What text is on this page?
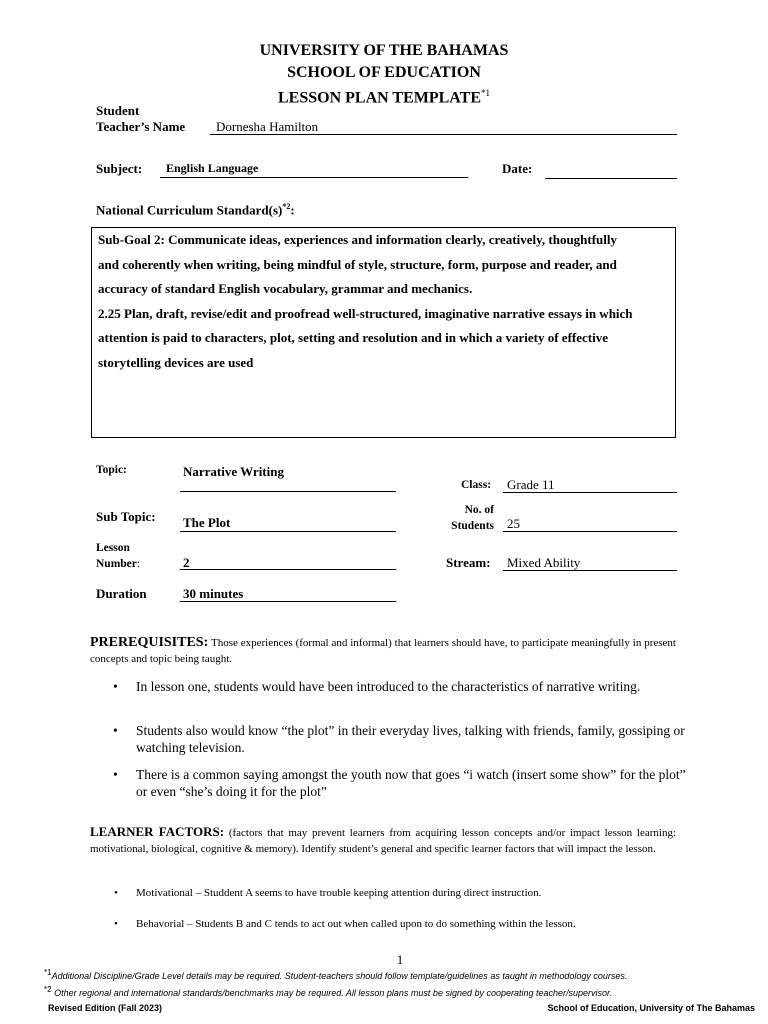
UNIVERSITY OF THE BAHAMAS
SCHOOL OF EDUCATION
LESSON PLAN TEMPLATE$^{*1}$
Student
Teacher’s Name	Dornesha Hamilton
Subject:	English Language	Date:
National Curriculum $Standard(s)^{*2}$:
Sub-Goal 2: Communicate ideas, experiences and information clearly, creatively, thoughtfully
and coherently when writing, being mindful of style, structure, form, purpose and reader, and
accuracy of standard English vocabulary, grammar and mechanics.
2.25 Plan, draft, revise/edit and proofread well-structured, imaginative narrative essays in which
attention is paid to characters, plot, setting and resolution and in which a variety of effective
storytelling devices are used
Topic:	Narrative Writing
Sub Topic: The Plot
Lesson
Number:	2
Duration	30 minutes
Class:	Grade 11
No. of
Students	25
Stream:	Mixed Ability
PREREQUISITES: Those experiences (formal and informal) that learners should have, to participate meaningfully in present concepts and topic being taught.
• In lesson one, students would have been introduced to the characteristics of narrative writing.
• Students also would know “the plot” in their everyday lives, talking with friends, family, gossiping or watching television.
• There is a common saying amongst the youth now that goes “i watch (insert some show” for the plot” or even “she’s doing it for the plot”
LEARNER FACTORS: (factors that may prevent learners from acquiring lesson concepts and/or impact lesson learning: motivational, biological, cognitive & memory). Identify student’s general and specific learner factors that will impact the lesson.
• Motivational – Studdent A seems to have trouble keeping attention during direct instruction.
• Behavorial – Students B and C tends to act out when called upon to do something within the lesson.
1
$^{*1}$Additional Discipline/Grade Level details may be required. Student-teachers should follow template/guidelines as taught in methodology courses.
$^{*2}$ Other regional and international standards/benchmarks may be required. All lesson plans must be signed by cooperating teacher/supervisor.
Revised Edition (Fall 2023)	School of Education, University of The Bahamas
